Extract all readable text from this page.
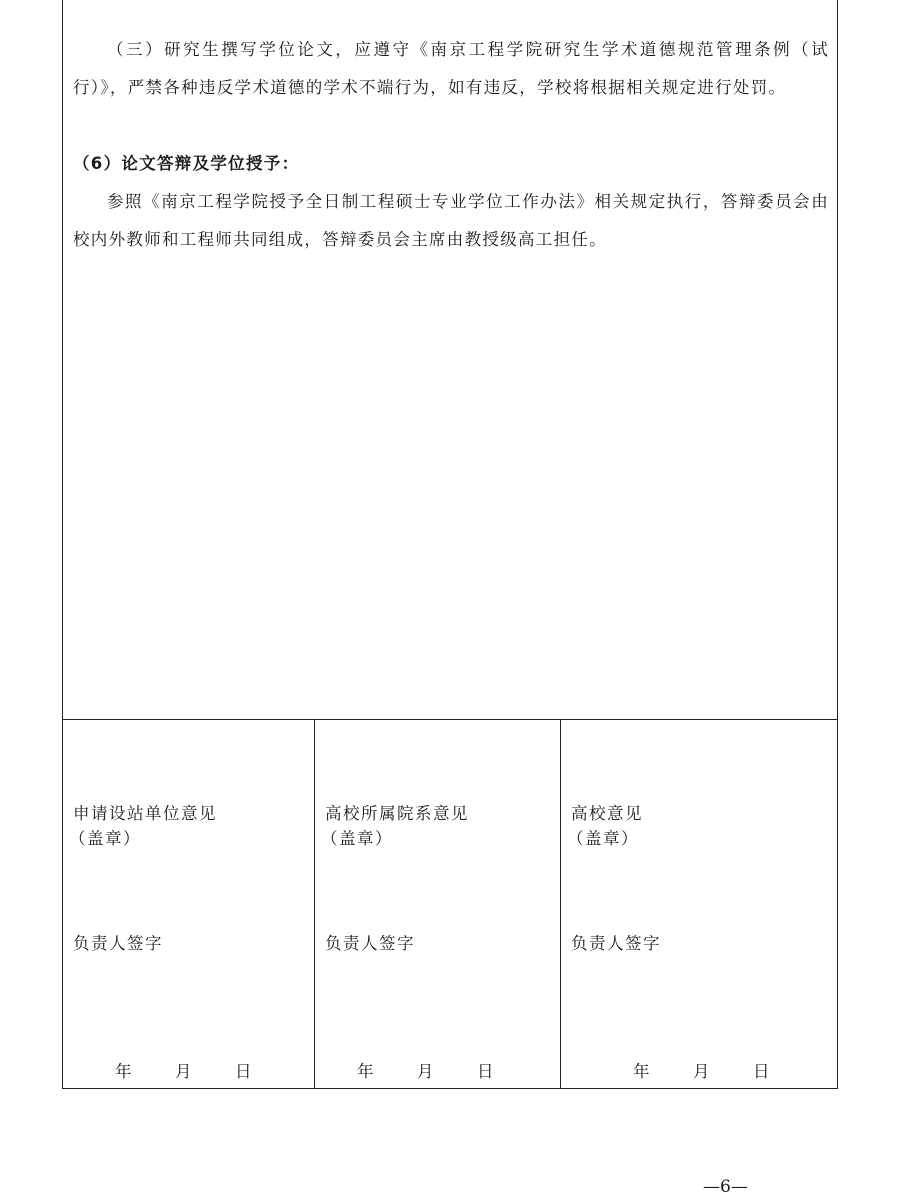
（三）研究生撰写学位论文，应遵守《南京工程学院研究生学术道德规范管理条例（试行）》，严禁各种违反学术道德的学术不端行为，如有违反，学校将根据相关规定进行处罚。

（6）论文答辩及学位授予：

参照《南京工程学院授予全日制工程硕士专业学位工作办法》相关规定执行，答辩委员会由校内外教师和工程师共同组成，答辩委员会主席由教授级高工担任。

申请设站单位意见

（盖章）

负责人签字

年	月	日

高校所属院系意见

（盖章）

负责人签字

年	月	日

高校意见

（盖章）

负责人签字

年	月	日

—6—
